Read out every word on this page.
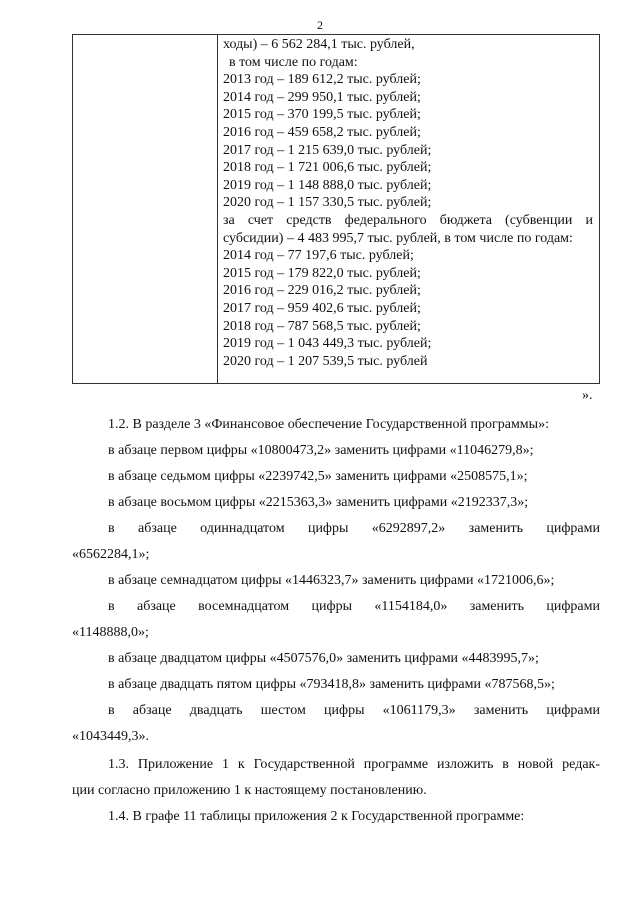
2
ходы) – 6 562 284,1 тыс. рублей,
в том числе по годам:
2013 год – 189 612,2 тыс. рублей;
2014 год – 299 950,1 тыс. рублей;
2015 год – 370 199,5 тыс. рублей;
2016 год – 459 658,2 тыс. рублей;
2017 год – 1 215 639,0 тыс. рублей;
2018 год – 1 721 006,6 тыс. рублей;
2019 год – 1 148 888,0 тыс. рублей;
2020 год – 1 157 330,5 тыс. рублей;
за счет средств федерального бюджета (субвенции и субсидии) – 4 483 995,7 тыс. рублей, в том числе по годам:
2014 год – 77 197,6 тыс. рублей;
2015 год – 179 822,0 тыс. рублей;
2016 год – 229 016,2 тыс. рублей;
2017 год – 959 402,6 тыс. рублей;
2018 год – 787 568,5 тыс. рублей;
2019 год – 1 043 449,3 тыс. рублей;
2020 год – 1 207 539,5 тыс. рублей
».
1.2. В разделе 3 «Финансовое обеспечение Государственной программы»:
в абзаце первом цифры «10800473,2» заменить цифрами «11046279,8»;
в абзаце седьмом цифры «2239742,5» заменить цифрами «2508575,1»;
в абзаце восьмом цифры «2215363,3» заменить цифрами «2192337,3»;
в абзаце одиннадцатом цифры «6292897,2» заменить цифрами
«6562284,1»;
в абзаце семнадцатом цифры «1446323,7» заменить цифрами «1721006,6»;
в абзаце восемнадцатом цифры «1154184,0» заменить цифрами
«1148888,0»;
в абзаце двадцатом цифры «4507576,0» заменить цифрами «4483995,7»;
в абзаце двадцать пятом цифры «793418,8» заменить цифрами «787568,5»;
в абзаце двадцать шестом цифры «1061179,3» заменить цифрами
«1043449,3».
1.3. Приложение 1 к Государственной программе изложить в новой редак-
ции согласно приложению 1 к настоящему постановлению.
1.4. В графе 11 таблицы приложения 2 к Государственной программе:
